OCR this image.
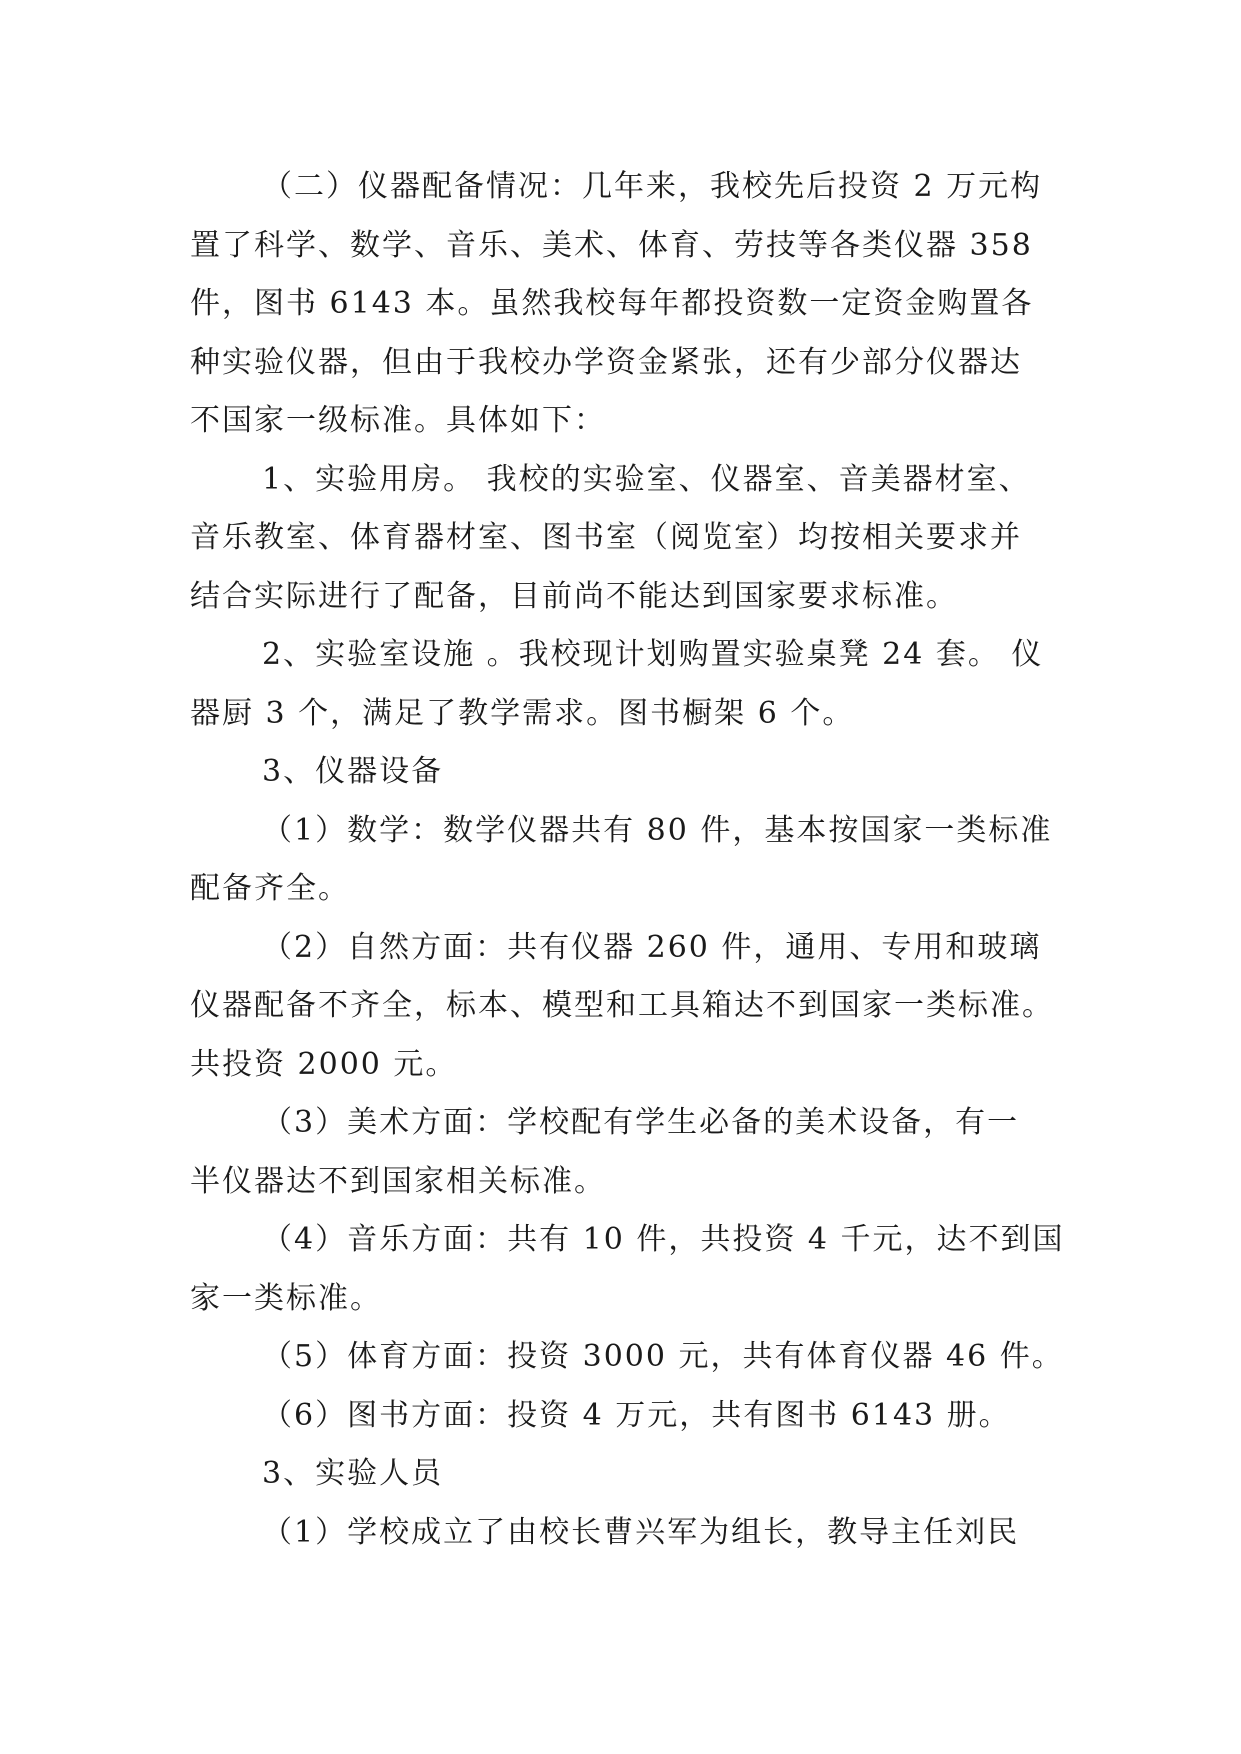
（二）仪器配备情况：几年来，我校先后投资 2 万元构
置了科学、数学、音乐、美术、体育、劳技等各类仪器 358
件，图书 6143 本。虽然我校每年都投资数一定资金购置各
种实验仪器，但由于我校办学资金紧张，还有少部分仪器达
不国家一级标准。具体如下：
1、实验用房。 我校的实验室、仪器室、音美器材室、
音乐教室、体育器材室、图书室（阅览室）均按相关要求并
结合实际进行了配备，目前尚不能达到国家要求标准。
2、实验室设施 。我校现计划购置实验桌凳 24 套。 仪
器厨 3 个，满足了教学需求。图书橱架 6 个。
3、仪器设备
（1）数学：数学仪器共有 80 件，基本按国家一类标准
配备齐全。
（2）自然方面：共有仪器 260 件，通用、专用和玻璃
仪器配备不齐全，标本、模型和工具箱达不到国家一类标准。
共投资 2000 元。
（3）美术方面：学校配有学生必备的美术设备，有一
半仪器达不到国家相关标准。
（4）音乐方面：共有 10 件，共投资 4 千元，达不到国
家一类标准。
（5）体育方面：投资 3000 元，共有体育仪器 46 件。
（6）图书方面：投资 4 万元，共有图书 6143 册。
3、实验人员
（1）学校成立了由校长曹兴军为组长，教导主任刘民
